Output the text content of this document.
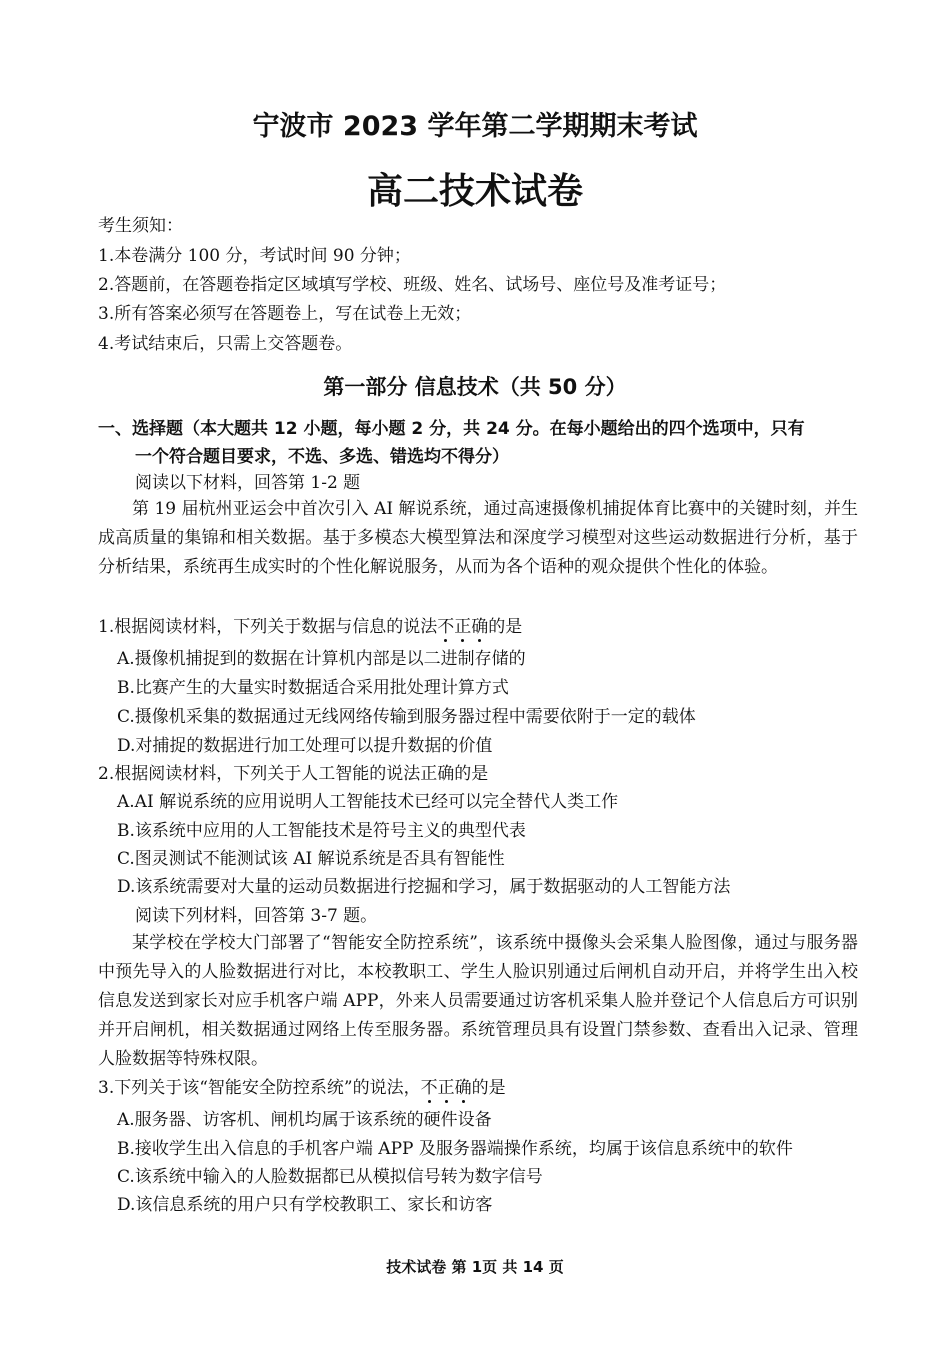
宁波市 2023 学年第二学期期末考试
高二技术试卷
考生须知：
1.本卷满分 100 分，考试时间 90 分钟；
2.答题前，在答题卷指定区域填写学校、班级、姓名、试场号、座位号及准考证号；
3.所有答案必须写在答题卷上，写在试卷上无效；
4.考试结束后，只需上交答题卷。
第一部分 信息技术（共 50 分）
一、选择题（本大题共 12 小题，每小题 2 分，共 24 分。在每小题给出的四个选项中，只有
一个符合题目要求，不选、多选、错选均不得分）
阅读以下材料，回答第 1-2 题
第 19 届杭州亚运会中首次引入 AI 解说系统，通过高速摄像机捕捉体育比赛中的关键时刻，并生成高质量的集锦和相关数据。基于多模态大模型算法和深度学习模型对这些运动数据进行分析，基于分析结果，系统再生成实时的个性化解说服务，从而为各个语种的观众提供个性化的体验。
1.根据阅读材料，下列关于数据与信息的说法不正确的是
A.摄像机捕捉到的数据在计算机内部是以二进制存储的
B.比赛产生的大量实时数据适合采用批处理计算方式
C.摄像机采集的数据通过无线网络传输到服务器过程中需要依附于一定的载体
D.对捕捉的数据进行加工处理可以提升数据的价值
2.根据阅读材料，下列关于人工智能的说法正确的是
A.AI 解说系统的应用说明人工智能技术已经可以完全替代人类工作
B.该系统中应用的人工智能技术是符号主义的典型代表
C.图灵测试不能测试该 AI 解说系统是否具有智能性
D.该系统需要对大量的运动员数据进行挖掘和学习，属于数据驱动的人工智能方法
阅读下列材料，回答第 3-7 题。
某学校在学校大门部署了“智能安全防控系统”，该系统中摄像头会采集人脸图像，通过与服务器中预先导入的人脸数据进行对比，本校教职工、学生人脸识别通过后闸机自动开启，并将学生出入校信息发送到家长对应手机客户端 APP，外来人员需要通过访客机采集人脸并登记个人信息后方可识别并开启闸机，相关数据通过网络上传至服务器。系统管理员具有设置门禁参数、查看出入记录、管理人脸数据等特殊权限。
3.下列关于该“智能安全防控系统”的说法，不正确的是
A.服务器、访客机、闸机均属于该系统的硬件设备
B.接收学生出入信息的手机客户端 APP 及服务器端操作系统，均属于该信息系统中的软件
C.该系统中输入的人脸数据都已从模拟信号转为数字信号
D.该信息系统的用户只有学校教职工、家长和访客
技术试卷 第 1页 共 14 页
